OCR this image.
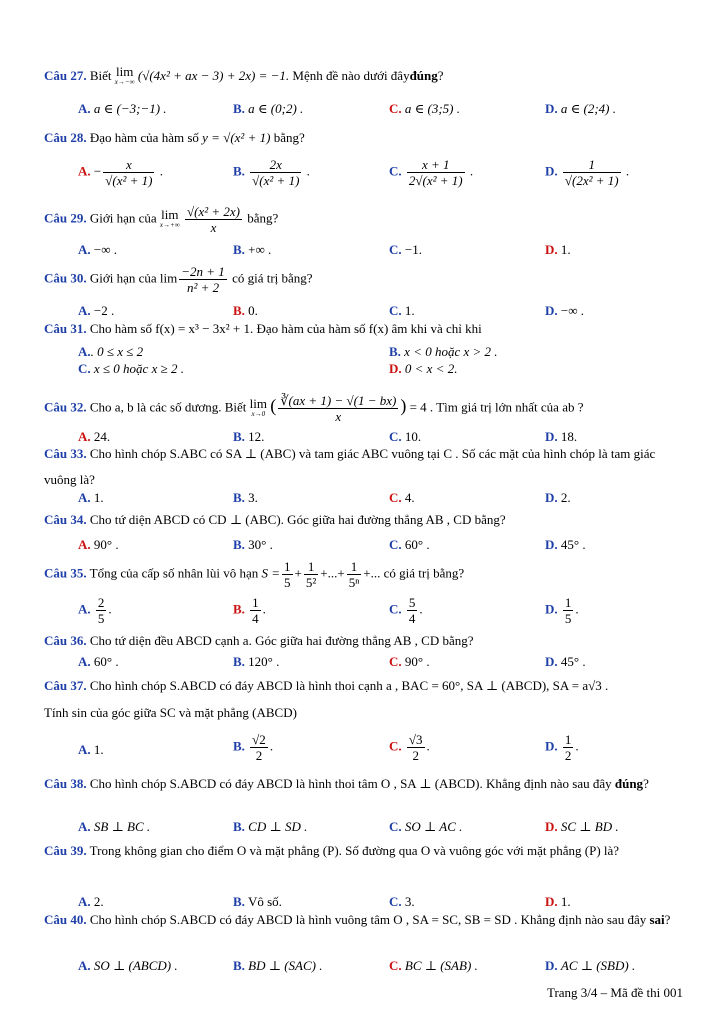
Câu 27. Biết lim
x→−∞ (√(4x² + ax − 3) + 2x) = −1. Mệnh đề nào dưới đâyđúng?
A. a ∈ (−3;−1) .	B. a ∈ (0;2) .	C. a ∈ (3;5) .	D. a ∈ (2;4) .
Câu 28. Đạo hàm của hàm số y = √(x² + 1) bằng?
A. − $\frac{x}{\text{√(x² + 1)}}$ .	B. $\frac{2x}{\text{√(x² + 1)}}$ .	C. $\frac{x + 1}{\text{2√(x² + 1)}}$ .	D. $\frac{1}{\text{√(2x² + 1)}}$ .
Câu 29. Giới hạn của lim
x→+∞
$\frac{\text{√(x² + 2x)}}{x}$ bằng?
A. −∞ .	B. +∞ .	C. −1.	D. 1.
Câu 30. Giới hạn của $\lim \frac{-2n + 1}{\text{n² + 2}}$ có giá trị bằng?
A. −2 .	B. 0.	C. 1.	D. −∞ .
Câu 31. Cho hàm số f(x) = x³ − 3x² + 1. Đạo hàm của hàm số f(x) âm khi và chỉ khi
A.. 0 ≤ x ≤ 2	B. x < 0 hoặc x > 2 .
C. x ≤ 0 hoặc x ≥ 2 .	D. 0 < x < 2.
Câu 32. Cho a, b là các số dương. Biết lim
x→0 ( $\frac{∛(ax + 1) - √(1 - bx)}{x}$ ) = 4 . Tìm giá trị lớn nhất của ab ?
A. 24.	B. 12.	C. 10.	D. 18.
Câu 33. Cho hình chóp S.ABC có SA ⊥ (ABC) và tam giác ABC vuông tại C . Số các mặt của hình chóp là tam giác vuông là?
A. 1.	B. 3.	C. 4.	D. 2.
Câu 34. Cho tứ diện ABCD có CD ⊥ (ABC). Góc giữa hai đường thẳng AB , CD bằng?
A. 90° .	B. 30° .	C. 60° .	D. 45° .
Câu 35. Tổng của cấp số nhân lùi vô hạn $S = \frac{1}{5} + \frac{1}{\text{5²}}$ +...+ $\frac{1}{\text{5ⁿ}}$ +... có giá trị bằng?
A. $\frac{2}{5}$ .	B. $\frac{1}{4}$ .	C. $\frac{5}{4}$ .	D. $\frac{1}{5}$ .
Câu 36. Cho tứ diện đều ABCD cạnh a. Góc giữa hai đường thẳng AB , CD bằng?
A. 60° .	B. 120° .	C. 90° .	D. 45° .
Câu 37. Cho hình chóp S.ABCD có đáy ABCD là hình thoi cạnh a , BAC = 60°, SA ⊥ (ABCD), SA = a√3 .
Tính sin của góc giữa SC và mặt phẳng (ABCD)
A. 1.	B. $\frac{√2}{2}$ .	C. $\frac{√3}{2}$ .	D. $\frac{1}{2}$ .
Câu 38. Cho hình chóp S.ABCD có đáy ABCD là hình thoi tâm O , SA ⊥ (ABCD). Khẳng định nào sau đây đúng?
A. SB ⊥ BC .	B. CD ⊥ SD .	C. SO ⊥ AC .	D. SC ⊥ BD .
Câu 39. Trong không gian cho điểm O và mặt phẳng (P). Số đường qua O và vuông góc với mặt phẳng (P) là?
A. 2.	B. Vô số.	C. 3.	D. 1.
Câu 40. Cho hình chóp S.ABCD có đáy ABCD là hình vuông tâm O , SA = SC, SB = SD . Khẳng định nào sau đây sai?
A. SO ⊥ (ABCD) .	B. BD ⊥ (SAC) .	C. BC ⊥ (SAB) .	D. AC ⊥ (SBD) .
Trang 3/4 – Mã đề thi 001
